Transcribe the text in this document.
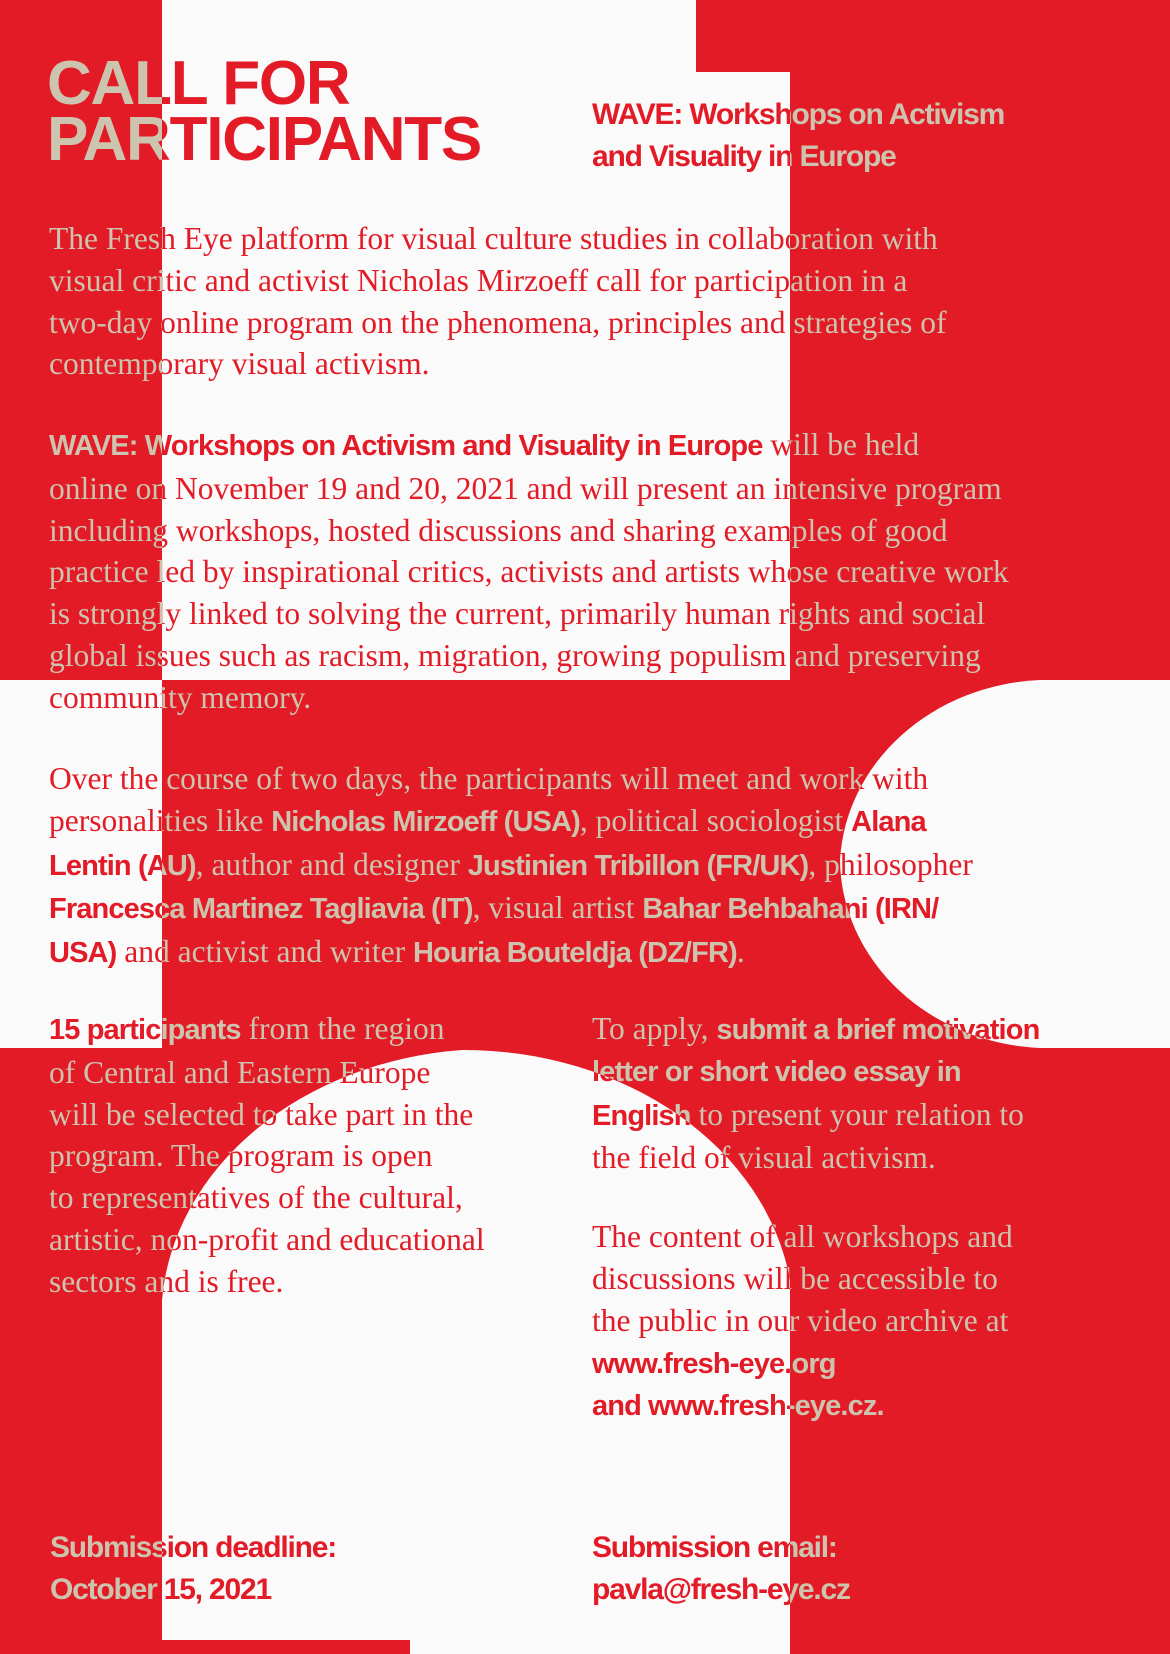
CALL FOR
PARTICIPANTS	WAVE: Workshops on Activism
and Visuality in Europe

The Fresh Eye platform for visual culture studies in collaboration with
visual critic and activist Nicholas Mirzoeff call for participation in a
two-day online program on the phenomena, principles and strategies of
contemporary visual activism.

WAVE: Workshops on Activism and Visuality in Europe will be held
online on November 19 and 20, 2021 and will present an intensive program
including workshops, hosted discussions and sharing examples of good
practice led by inspirational critics, activists and artists whose creative work
is strongly linked to solving the current, primarily human rights and social
global issues such as racism, migration, growing populism and preserving
community memory.

Over the course of two days, the participants will meet and work with
personalities like Nicholas Mirzoeff (USA), political sociologist Alana
Lentin (AU), author and designer Justinien Tribillon (FR/UK), philosopher
Francesca Martinez Tagliavia (IT), visual artist Bahar Behbahani (IRN/
USA) and activist and writer Houria Bouteldja (DZ/FR).

15 participants from the region
of Central and Eastern Europe
will be selected to take part in the
program. The program is open
to representatives of the cultural,
artistic, non-profit and educational
sectors and is free.

To apply, submit a brief motivation
letter or short video essay in
English to present your relation to
the field of visual activism.

The content of all workshops and
discussions will be accessible to
the public in our video archive at

www.fresh-eye.org
and www.fresh-eye.cz.
Submission deadline:
October 15, 2021
Submission email:
pavla@fresh-eye.cz
